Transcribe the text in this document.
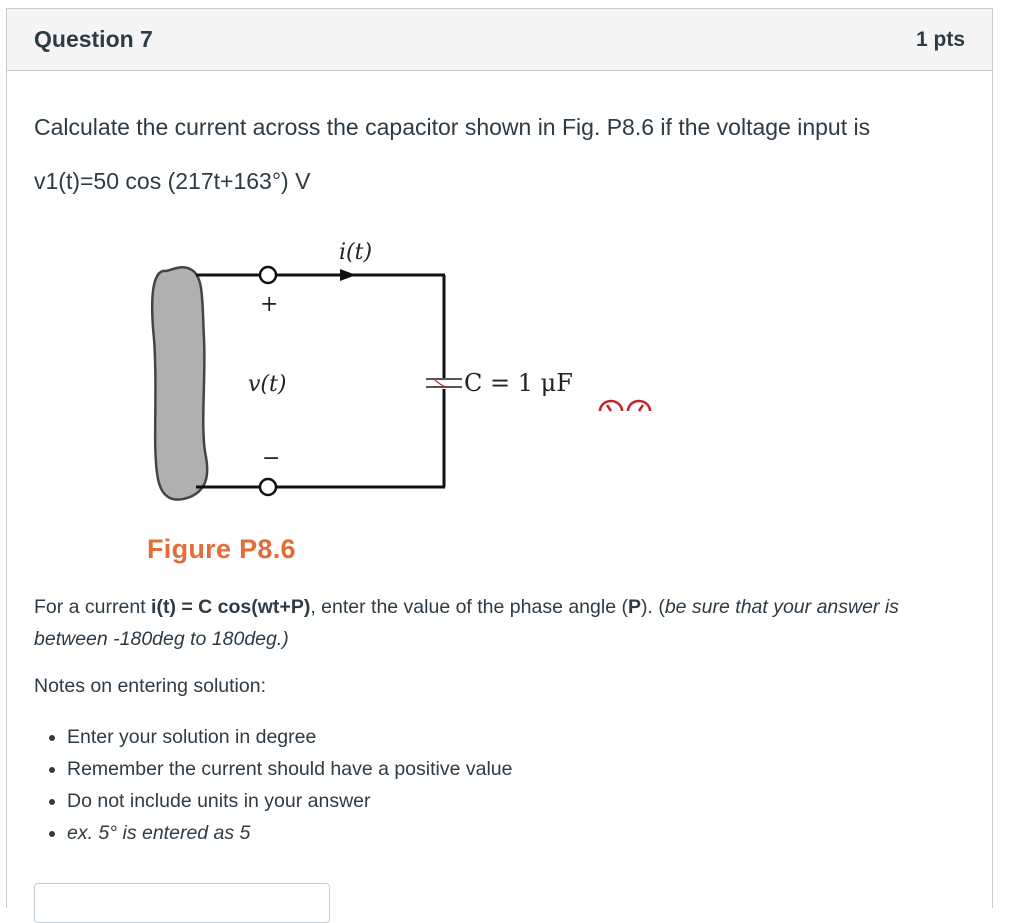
Question 7	1 pts

Calculate the current across the capacitor shown in Fig. P8.6 if the voltage input is

v1(t)=50 cos (217t+163°) V

i(t)
+
v(t)
−
C = 1 μF
Figure P8.6

For a current i(t) = C cos(wt+P), enter the value of the phase angle (P). (be sure that your answer is between -180deg to 180deg.)

Notes on entering solution:
• Enter your solution in degree
• Remember the current should have a positive value
• Do not include units in your answer
• ex. 5° is entered as 5
